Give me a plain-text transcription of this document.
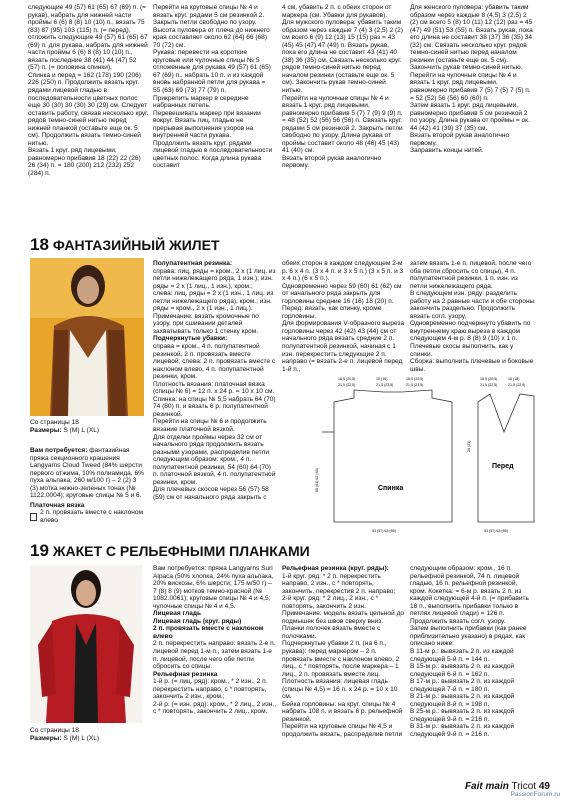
следующие 49 (57) 61 (65) 67 (69) п. (= рукав), набрать для нижней части проймы 6 (6) 8 (8) 10 (10) п., вязать 75 (83) 87 (95) 103 (115) п. (= перед), отложить следующие 49 (57) 61 (65) 67 (69) п. для рукава, набрать для нижней части проймы 6 (6) 8 (8) 10 (10) п., вязать последние 38 (41) 44 (47) 52 (57) п. (= половина спинки).

Спинка и перед = 162 (178) 190 (206) 226 (250) п. Продолжить вязать круг. рядами лицевой гладью в последовательности цветных полос еще 30 (30) 30 (30) 30 (29) см. Следует оставить работу, связав несколько круг. рядов темно-синей нитью перед нижней планкой (оставьте еще ок. 5 см). Продолжить вязать темно-синей нитью.

Вязать 1 круг. ряд лицевыми, равномерно прибавив 18 (22) 22 (26) 26 (34) п. = 180 (200) 212 (232) 252 (284) п.

Перейти на круговые спицы № 4 и вязать круг. рядами 5 см резинкой 2. Закрыть петли свободно по узору.

Высота пуловера от плеча до нижнего края составляет около 62 (64) 66 (68) 70 (72) см.

Рукава: перевести на короткие круговые или чулочные спицы № 5 отложенные для рукава 49 (57) 61 (65) 67 (69) п., набрать 10 п. и из каждой вновь набранной петли для рукава = 55 (63) 69 (73) 77 (79) п.

Прикрепить маркер в середине набранных петель.

Перевешивать маркер при вязании вокруг. Вязать лиц. гладью не прерывая выполнения узоров на внутренней части рукава.

Продолжить вязать круг. рядами лицевой гладью в последовательности цветных полос. Когда длина рукава составит

4 см, убавить 2 п. с обеих сторон от маркера (см. Убавки для рукавов).

Для мужского пуловера: убавить таким образом через каждые 7 (4) 3 (2,5) 2 (2) см всего 6 (9) 12 (13) 15 (15) раз = 43 (45) 45 (47) 47 (49) п. Вязать рукав, пока его длина не составит 43 (41) 40 (38) 36 (35) см. Связать несколько круг. рядов темно-синей нитью перед началом резинки (оставьте еще ок. 5 см). Закончить рукав темно-синей нитью.

Перейти на чулочные спицы № 4 и вязать 1 круг. ряд лицевыми, равномерно прибавив 5 (7) 7 (9) 9 (9) п. = 48 (52) 52 (56) 56 (56) п. Связать круг. рядами 5 см резинкой 2. Закрыть петли свободно по узору. Длина рукава от проймы составит около 48 (46) 45 (43) 41 (40) см.

Вязать второй рукав аналогично первому.

Для женского пуловера: убавить таким образом через каждые 8 (4,5) 3 (2,5) 2 (2) см всего 5 (8) 10 (11) 12 (12) раз = 45 (47) 49 (51) 53 (55) п. Вязать рукав, пока его длина не составит 38 (37) 36 (35) 34 (32) см. Связать несколько круг. рядов темно-синей нитью перед началом резинки (оставьте еще ок. 5 см). Закончить рукав темно-синей нитью.

Перейти на чулочные спицы № 4 и вязать 1 круг. ряд лицевыми, равномерно прибавив 7 (5) 7 (5) 7 (5) п. = 52 (52) 56 (56) 60 (60) п.

Затем вязать 1 круг. ряд лицевыми, равномерно прибавив 5 см резинкой 2 по узору. Длина рукава от проймы = ок. 44 (42) 41 (39) 37 (35) см.

Вязать второй рукав аналогично первому.

Заправить концы нитей.

18 ФАНТАЗИЙНЫЙ ЖИЛЕТ
Со страницы 18
Размеры: S (M) L (XL)

Вам потребуется: фантазийная пряжа секционного крашения Langyarns Cloud Tweed (84% шерсти первого отжима, 10% полиамида, 6% пуха альпака; 260 м/100 г) – 2 (2) 3 (3) мотка нежно-зеленых тонах (№ 1122.0004); круговые спицы № 5 и 6.

Платочная вязка

2 п. провязать вместе с наклоном влево

Полупатентная резинка:

справа: лиц. ряды = кром., 2 х (1 лиц. из петли нижележащего ряда, 1 изн.); изн. ряды = 2 х (1 лиц., 1 изн.), кром.;

слева: лиц. ряды = 2 х (1 изн., 1 лиц. из петли нижележащего ряда), кром.; изн. ряды = кром., 2 х (1 изн., 1 лиц.).

Примечание: вязать кромочные по узору, при сшивании деталей захватывать только 1 стенку кром.

Подчеркнутые убавки:

справа = кром., 4 п. полупатентной резинкой, 2 п. провязать вместе лицевой; слева: 2 п. провязать вместе с наклоном влево, 4 п. полупатентной резинки, кром.

Плотность вязания: платочная вязка (спицы № 6) = 12 п. х 24 р. = 10 х 10 см.

Спинка: на спицы № 5,5 набрать 64 (70) 74 (80) п. и вязать 6 р. полупатентной резинкой.

Перейти на спицы № 6 и продолжить вязание платочной вязкой.

Для отделки проймы через 32 см от начального ряда продолжить вязать разными узорами, распределив петли следующим образом: кром., 4 п. полупатентной резинки, 54 (60) 64 (70) п. платочной вязкой, 4 п. полупатентной резинки, кром.

Для плечевых скосов через 56 (57) 58 (59) см от начального ряда закрыть с

обеих сторон в каждом следующем 2-м р. 6 х 4 п. (3 х 4 п. и 3 х 5 п.) (3 х 5 п. и 3 х 4 п.) (6 х 5 п.).

Одновременно через 59 (60) 61 (62) см от начального ряда закрыть для горловины средние 16 (16) 18 (20) п.

Перед: вязать, как спинку, кроме горловины.

Для формирования V-образного выреза горловины через 42 (42) 43 (44) см от начального ряда вязать средние 2 п. полупатентной резинкой, начиная с 1 изн. перекрестить следующие 2 п. направо (= вязать 2-е п. лицевой перед 1-й п.,

затем вязать 1-е п. лицевой, после чего оба петли сбросить со спицы), 4 п. полупатентной резинки, 1 п. изн. из петли нижележащего ряда.

В следующем изн. ряду: разделить работу на 2 равные части и обе стороны закончить раздельно. Продолжить вязать согл. узору.

Одновременно подчеркнуто убавить по внутреннему краю выреза в каждом следующем 4-м р. 8 (8) 9 (10) х 1 п.

Плечевые скосы выполнить, как у спинки.

Сборка: выполнить плечевые и боковые швы.

Спинка
Перед
18,5 (20,5)	15 (16)	18,5 (20,5)
21,5 (22,5)	21,5 (23,5)	21,5 (23,5)
53 (57) 63 (66)
18,5 (20,5)	16 (18)
21,5 (22,5)	21,5 (22,5)
53 (57) 63 (66)
20 (21)
60 (61) 62 (63)
19 ЖАКЕТ С РЕЛЬЕФНЫМИ ПЛАНКАМИ
Со страницы 18
Размеры: S (M) L (XL)

Вам потребуется: пряжа Langyarns Suri Alpaca (50% хлопка, 24% пуха альпака, 20% вискозы, 6% шерсти; 175 м/50 г) – 7 (8) 8 (9) мотков темно-красной (№ 1082.0061); круговые спицы № 4 и 4,5; чулочные спицы № 4 и 4,5.

Лицевая гладь

Лицевая гладь (круг. ряды)

2 п. провязать вместе с наклоном влево

2 п. перекрестить направо: вязать 2-е п. лицевой перед 1-м п., затем вязать 1-е п. лицевой, после чего обе петли сбросить со спицы.

Рельефная резинка

1-й р. (= лиц. ряд): кром., * 2 изн., 2 п. перекрестить направо, с * повторять, закончить 2 изн., кром.;

2-й р. (= изн. ряд): кром., * 2 лиц., 2 изн., с * повторять, закончить 2 лиц., кром.

Рельефная резинка (круг. ряды):

1-й круг. ряд: * 2 п. перекрестить направо, 2 изн., с * повторять, закончить, перекрестив 2 п. направо;

2-й круг. ряд: * 2 лиц., 2 изн., с * повторять, закончить 2 изн.

Примечание: модель вязать цельной до подмышек без швов сверху вниз. Планки полочек вязать вместе с полочками.

Подчеркнутые убавки 2 п. (на 6 п., рукава): перед маркером – 2 п. провязать вместе с наклоном влево, 2 лиц., с * повторять, после маркера – 1 лиц., 2 п. провязать вместе лиц.

Плотность вязания: лицевая гладь (спицы № 4,5) = 16 п. х 24 р. = 10 х 10 см.

Бейка горловины: на круг. спицы № 4 набрать 108 п. и вязать 6 р. рельефной резинкой.

Перейти на круговые спицы № 4,5 и продолжить вязать, распределив петли

следующим образом: кром., 16 п. рельефной резинкой, 74 п. лицевой гладью, 16 п. рельефной резинкой, кром. Кокетка: = 6-м р. вязать 2 п. из каждой следующей 4-й п. (= прибавить 18 п., выполнить прибавки только в петлях лицевой глади) = 126 п. Продолжить вязать согл. узору.

Затем выполнить прибавки (как ранее приблизительно указано) в рядах, как описано ниже:

В 11-м р.: вывязать 2 п. из каждой следующей 5-й п. = 144 п.

В 15-м р.: вывязать 2 п. из каждой следующей 6-й п. = 162 п.

В 17-м р.: вывязать 2 п. из каждой следующей 7-й п. = 180 п.

В 21-м р.: вывязать 2 п. из каждой следующей 8-й п. = 198 п.

В 25-м р.: вывязать 2 п. из каждой следующей 9-й п. = 216 п.

В 31-м р.: вывязать 2 п. из каждой следующей 9-й п. = 216 п.

Fait main Tricot 49
PassionForum.ru
